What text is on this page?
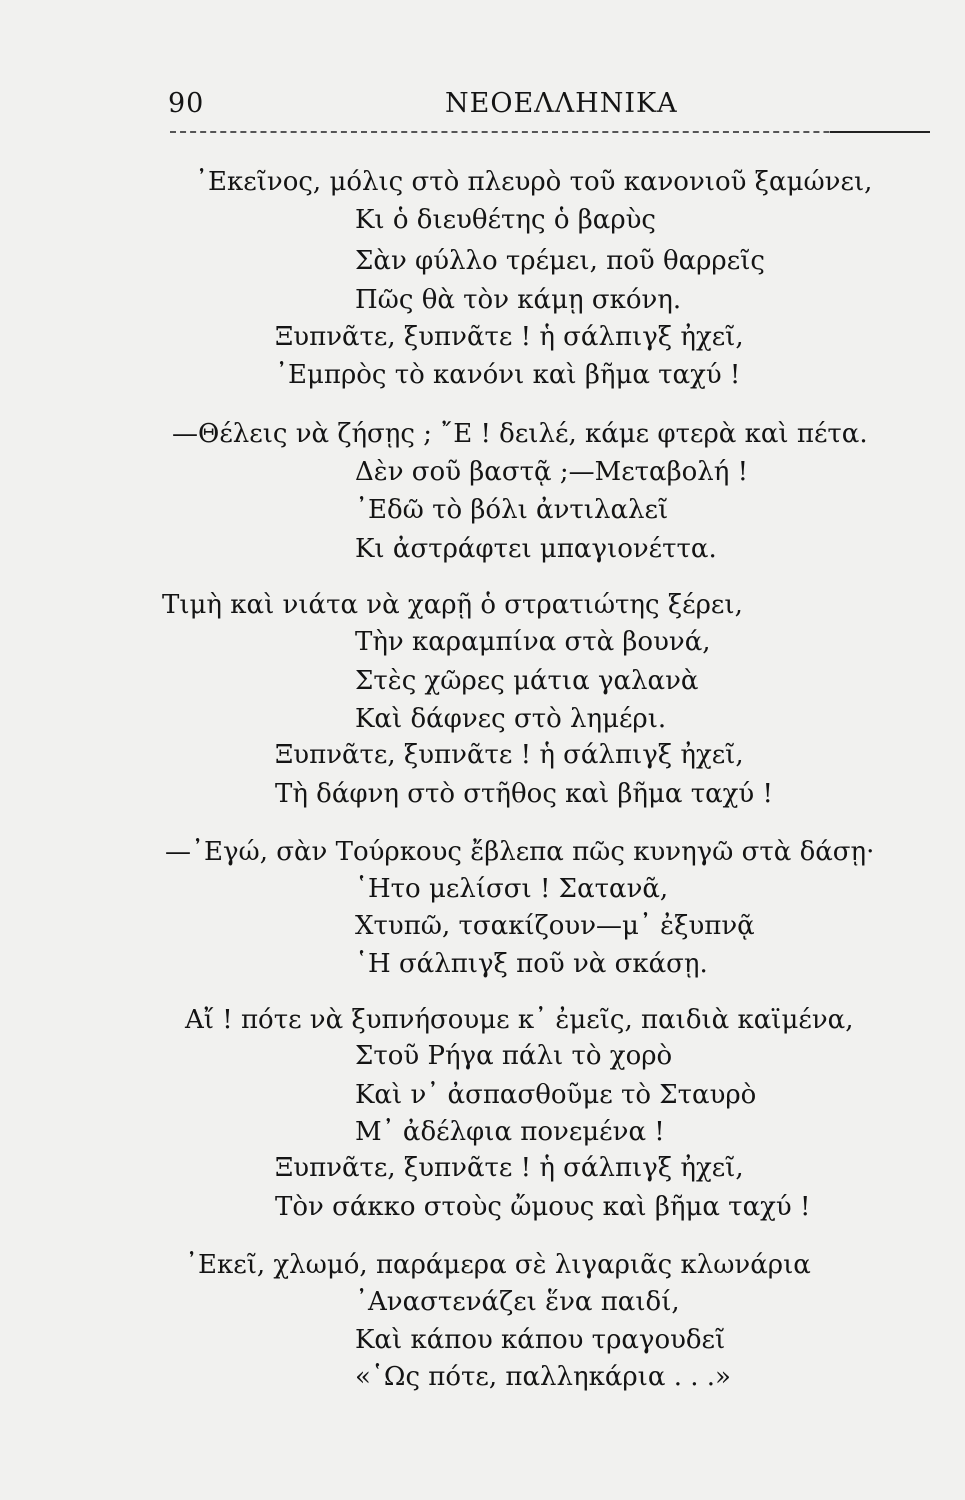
90	ΝΕΟΕΛΛΗΝΙΚΑ
᾿Εκεῖνος, μόλις στὸ πλευρὸ τοῦ κανονιοῦ ξαμώνει,
Κι ὁ διευθέτης ὁ βαρὺς
Σὰν φύλλο τρέμει, ποῦ θαρρεῖς
Πῶς θὰ τὸν κάμῃ σκόνη.
Ξυπνᾶτε, ξυπνᾶτε ! ἡ σάλπιγξ ἠχεῖ,
᾿Εμπρὸς τὸ κανόνι καὶ βῆμα ταχύ !
—Θέλεις νὰ ζήσῃς ; ῎Ε ! δειλέ, κάμε φτερὰ καὶ πέτα.
Δὲν σοῦ βαστᾷ ;—Μεταβολή !
᾿Εδῶ τὸ βόλι ἀντιλαλεῖ
Κι ἀστράφτει μπαγιονέττα.
Τιμὴ καὶ νιάτα νὰ χαρῇ ὁ στρατιώτης ξέρει,
Τὴν καραμπίνα στὰ βουνά,
Στὲς χῶρες μάτια γαλανὰ
Καὶ δάφνες στὸ λημέρι.
Ξυπνᾶτε, ξυπνᾶτε ! ἡ σάλπιγξ ἠχεῖ,
Τὴ δάφνη στὸ στῆθος καὶ βῆμα ταχύ !
—᾿Εγώ, σὰν Τούρκους ἔβλεπα πῶς κυνηγῶ στὰ δάσῃ·
῾Ητο μελίσσι ! Σατανᾶ,
Χτυπῶ, τσακίζουν—μ᾿ ἐξυπνᾷ
῾Η σάλπιγξ ποῦ νὰ σκάσῃ.
Αἴ ! πότε νὰ ξυπνήσουμε κ᾿ ἐμεῖς, παιδιὰ καϊμένα,
Στοῦ Ρήγα πάλι τὸ χορὸ
Καὶ ν᾿ ἀσπασθοῦμε τὸ Σταυρὸ
Μ᾿ ἀδέλφια πονεμένα !
Ξυπνᾶτε, ξυπνᾶτε ! ἡ σάλπιγξ ἠχεῖ,
Τὸν σάκκο στοὺς ὤμους καὶ βῆμα ταχύ !
᾿Εκεῖ, χλωμό, παράμερα σὲ λιγαριᾶς κλωνάρια
᾿Αναστενάζει ἕνα παιδί,
Καὶ κάπου κάπου τραγουδεῖ
«῾Ως πότε, παλληκάρια . . .»
